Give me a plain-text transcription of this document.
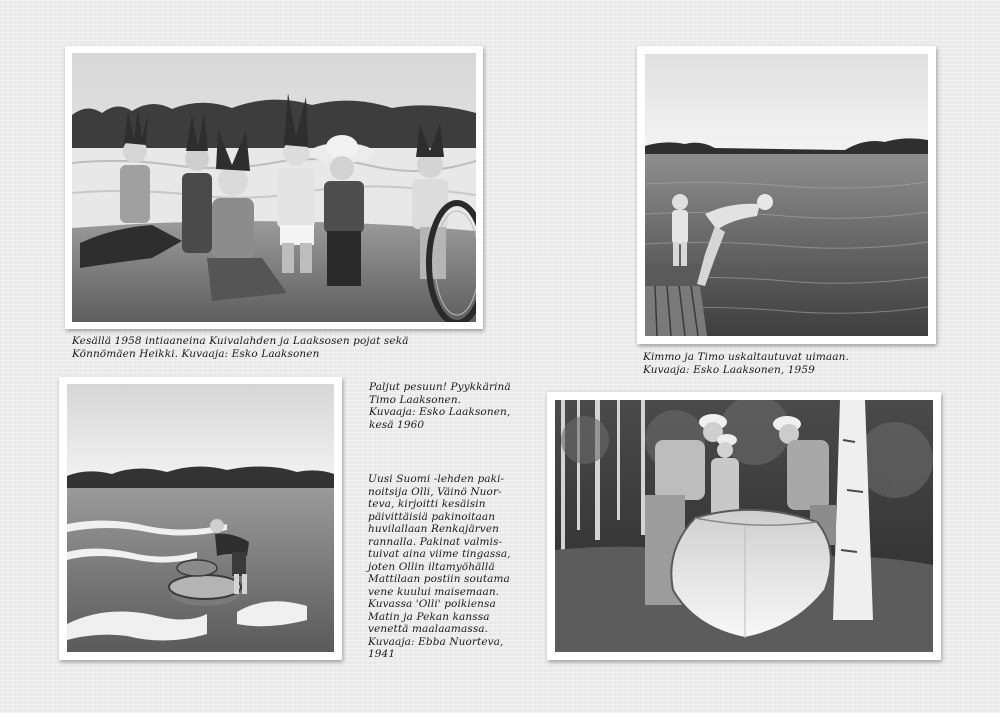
Kesällä 1958 intiaaneina Kuivalahden ja Laaksosen pojat sekä
Könnömäen Heikki. Kuvaaja: Esko Laaksonen	Kimmo ja Timo uskaltautuvat uimaan.
Kuvaaja: Esko Laaksonen, 1959
Paljut pesuun! Pyykkärinä
Timo Laaksonen.
Kuvaaja: Esko Laaksonen,
kesä 1960
Uusi Suomi -lehden paki-
noitsija Olli, Väinö Nuor-
teva, kirjoitti kesäisin
päivittäisiä pakinoitaan
huvilallaan Renkajärven
rannalla. Pakinat valmis-
tuivat aina viime tingassa,
joten Ollin iltamyöhällä
Mattilaan postiin soutama
vene kuului maisemaan.
Kuvassa 'Olli' poikiensa
Matin ja Pekan kanssa
venettä maalaamassa.
Kuvaaja: Ebba Nuorteva,
1941
